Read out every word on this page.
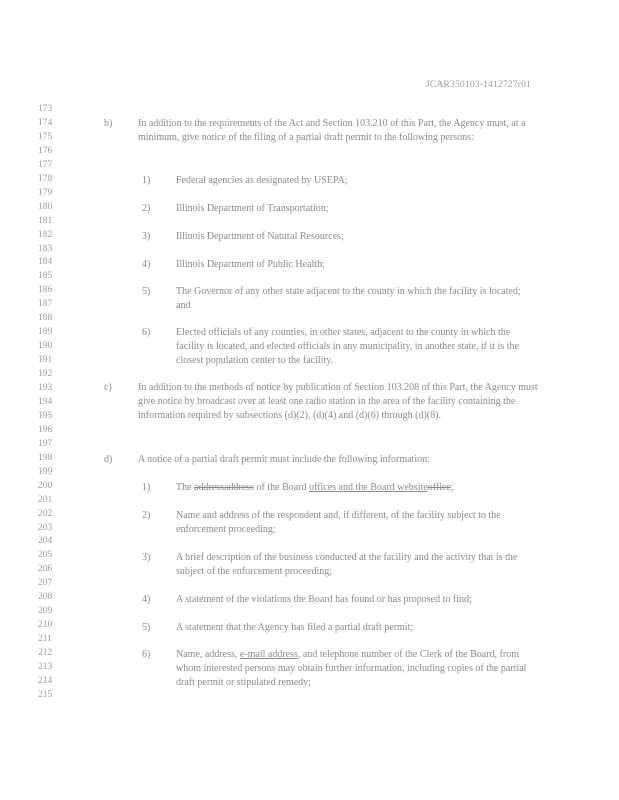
JCAR350103-1412727r01
173
174
175
176
177
178
179
180
181
182
183
184
185
186
187
188
189
190
191
192
193
194
195
196
197
198
199
200
201
202
203
204
205
206
207
208
209
210
211
212
213
214
215
b)	In addition to the requirements of the Act and Section 103.210 of this Part, the Agency must, at a minimum, give notice of the filing of a partial draft permit to the following persons:
1)	Federal agencies as designated by USEPA;
2)	Illinois Department of Transportation;
3)	Illinois Department of Natural Resources;
4)	Illinois Department of Public Health;
5)	The Governor of any other state adjacent to the county in which the facility is located; and
6)	Elected officials of any counties, in other states, adjacent to the county in which the facility is located, and elected officials in any municipality, in another state, if it is the closest population center to the facility.
c)	In addition to the methods of notice by publication of Section 103.208 of this Part, the Agency must give notice by broadcast over at least one radio station in the area of the facility containing the information required by subsections (d)(2), (d)(4) and (d)(6) through (d)(8).
d)	A notice of a partial draft permit must include the following information:
1)	The addressaddress of the Board offices and the Board websiteoffice;
2)	Name and address of the respondent and, if different, of the facility subject to the enforcement proceeding;
3)	A brief description of the business conducted at the facility and the activity that is the subject of the enforcement proceeding;
4)	A statement of the violations the Board has found or has proposed to find;
5)	A statement that the Agency has filed a partial draft permit;
6)	Name, address, e-mail address, and telephone number of the Clerk of the Board, from whom interested persons may obtain further information, including copies of the partial draft permit or stipulated remedy;
